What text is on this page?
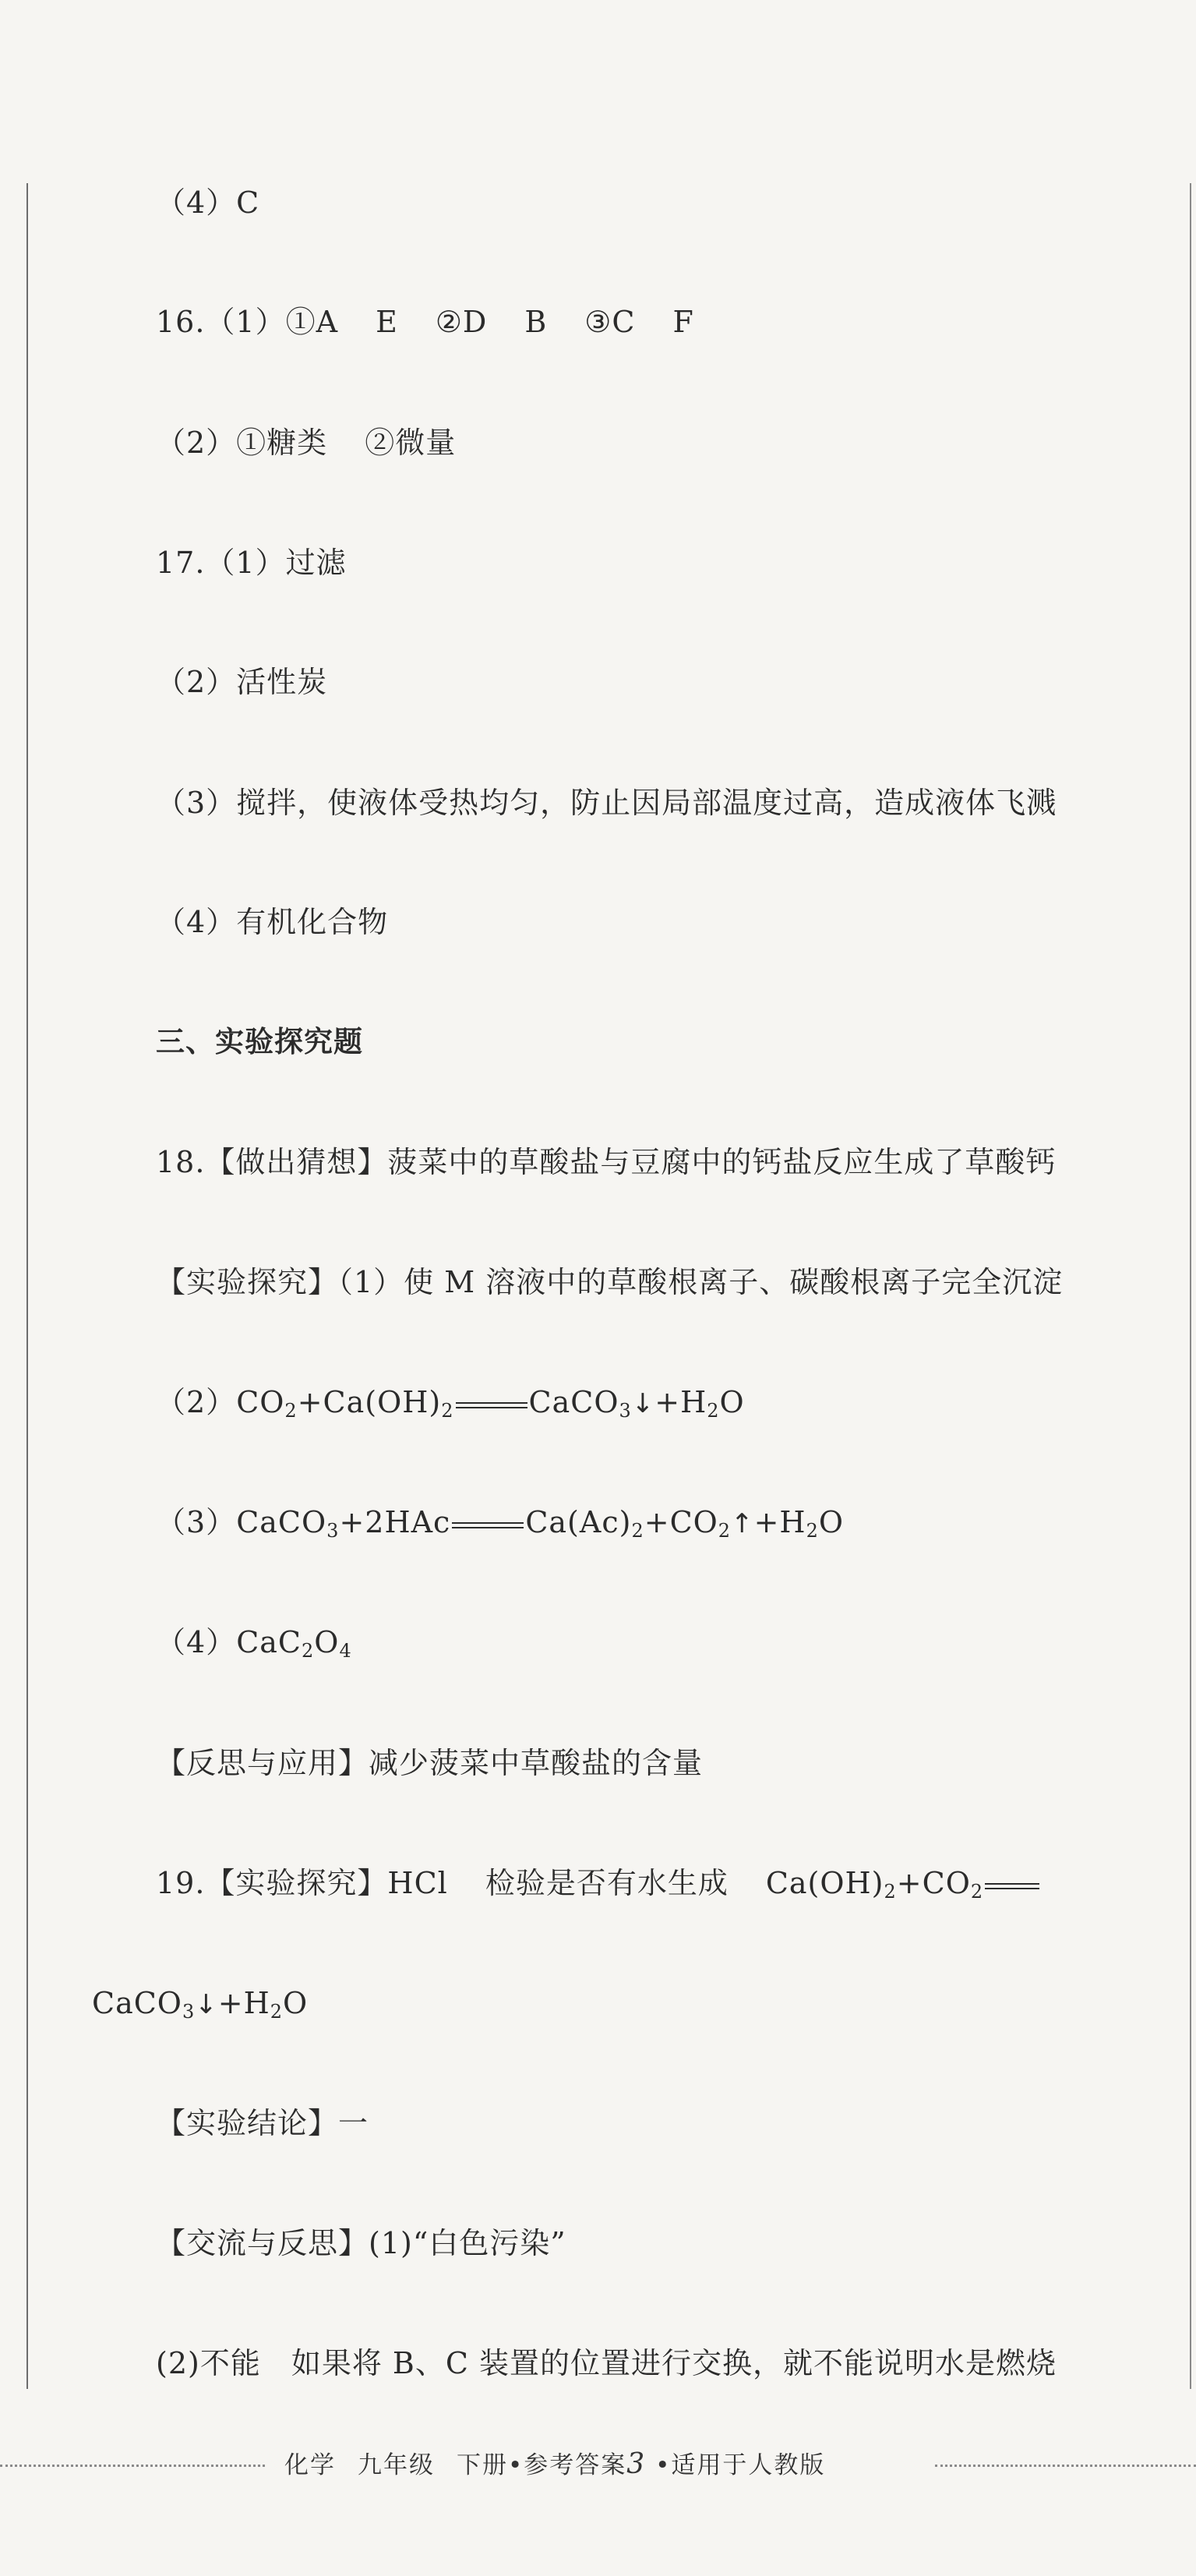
（4）C
16.（1）①A E ②D B ③C F
（2）①糖类 ②微量
17.（1）过滤
（2）活性炭
（3）搅拌，使液体受热均匀，防止因局部温度过高，造成液体飞溅
（4）有机化合物
三、实验探究题
18.【做出猜想】菠菜中的草酸盐与豆腐中的钙盐反应生成了草酸钙
【实验探究】（1）使 M 溶液中的草酸根离子、碳酸根离子完全沉淀
$(2)CO_2+Ca(OH)_2$	$CaCO_3↓+H_2O$
（3）CaCO$_3$+2HAc	$Ca(Ac)_2+CO_2↑+H_2O$
$(4)CaC_2O_4$
【反思与应用】减少菠菜中草酸盐的含量
19.【实验探究】HCl 检验是否有水生成 $Ca(OH)_2+CO_2$
$CaCO_3↓+H_2O$
【实验结论】一
【交流与反思】(1)“白色污染”
(2)不能　如果将 B、C 装置的位置进行交换，就不能说明水是燃烧
化学 九年级 下册•参考答案3 •适用于人教版
